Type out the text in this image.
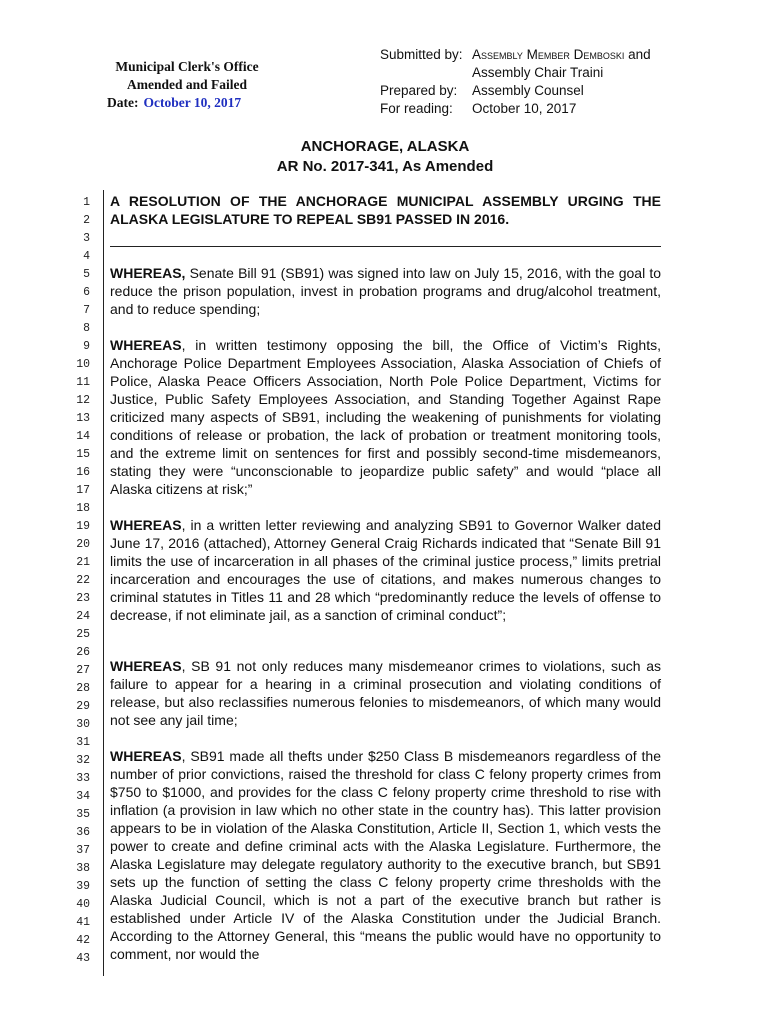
Municipal Clerk's Office
Amended and Failed
Date: October 10, 2017
Submitted by:
Prepared by:
For reading:
Assembly Member Demboski and
Assembly Chair Traini
Assembly Counsel
October 10, 2017
ANCHORAGE, ALASKA
AR No. 2017-341, As Amended
1
2
3
4
5
6
7
8
9
10
11
12
13
14
15
16
17
18
19
20
21
22
23
24
25
26
27
28
29
30
31
32
33
34
35
36
37
38
39
40
41
42
43
A RESOLUTION OF THE ANCHORAGE MUNICIPAL ASSEMBLY URGING THE ALASKA LEGISLATURE TO REPEAL SB91 PASSED IN 2016.
WHEREAS, Senate Bill 91 (SB91) was signed into law on July 15, 2016, with the goal to reduce the prison population, invest in probation programs and drug/alcohol treatment, and to reduce spending;
WHEREAS, in written testimony opposing the bill, the Office of Victim’s Rights, Anchorage Police Department Employees Association, Alaska Association of Chiefs of Police, Alaska Peace Officers Association, North Pole Police Department, Victims for Justice, Public Safety Employees Association, and Standing Together Against Rape criticized many aspects of SB91, including the weakening of punishments for violating conditions of release or probation, the lack of probation or treatment monitoring tools, and the extreme limit on sentences for first and possibly second-time misdemeanors, stating they were “unconscionable to jeopardize public safety” and would “place all Alaska citizens at risk;”
WHEREAS, in a written letter reviewing and analyzing SB91 to Governor Walker dated June 17, 2016 (attached), Attorney General Craig Richards indicated that “Senate Bill 91 limits the use of incarceration in all phases of the criminal justice process,” limits pretrial incarceration and encourages the use of citations, and makes numerous changes to criminal statutes in Titles 11 and 28 which “predominantly reduce the levels of offense to decrease, if not eliminate jail, as a sanction of criminal conduct”;
WHEREAS, SB 91 not only reduces many misdemeanor crimes to violations, such as failure to appear for a hearing in a criminal prosecution and violating conditions of release, but also reclassifies numerous felonies to misdemeanors, of which many would not see any jail time;
WHEREAS, SB91 made all thefts under $250 Class B misdemeanors regardless of the number of prior convictions, raised the threshold for class C felony property crimes from $750 to $1000, and provides for the class C felony property crime threshold to rise with inflation (a provision in law which no other state in the country has). This latter provision appears to be in violation of the Alaska Constitution, Article II, Section 1, which vests the power to create and define criminal acts with the Alaska Legislature. Furthermore, the Alaska Legislature may delegate regulatory authority to the executive branch, but SB91 sets up the function of setting the class C felony property crime thresholds with the Alaska Judicial Council, which is not a part of the executive branch but rather is established under Article IV of the Alaska Constitution under the Judicial Branch. According to the Attorney General, this “means the public would have no opportunity to comment, nor would the
